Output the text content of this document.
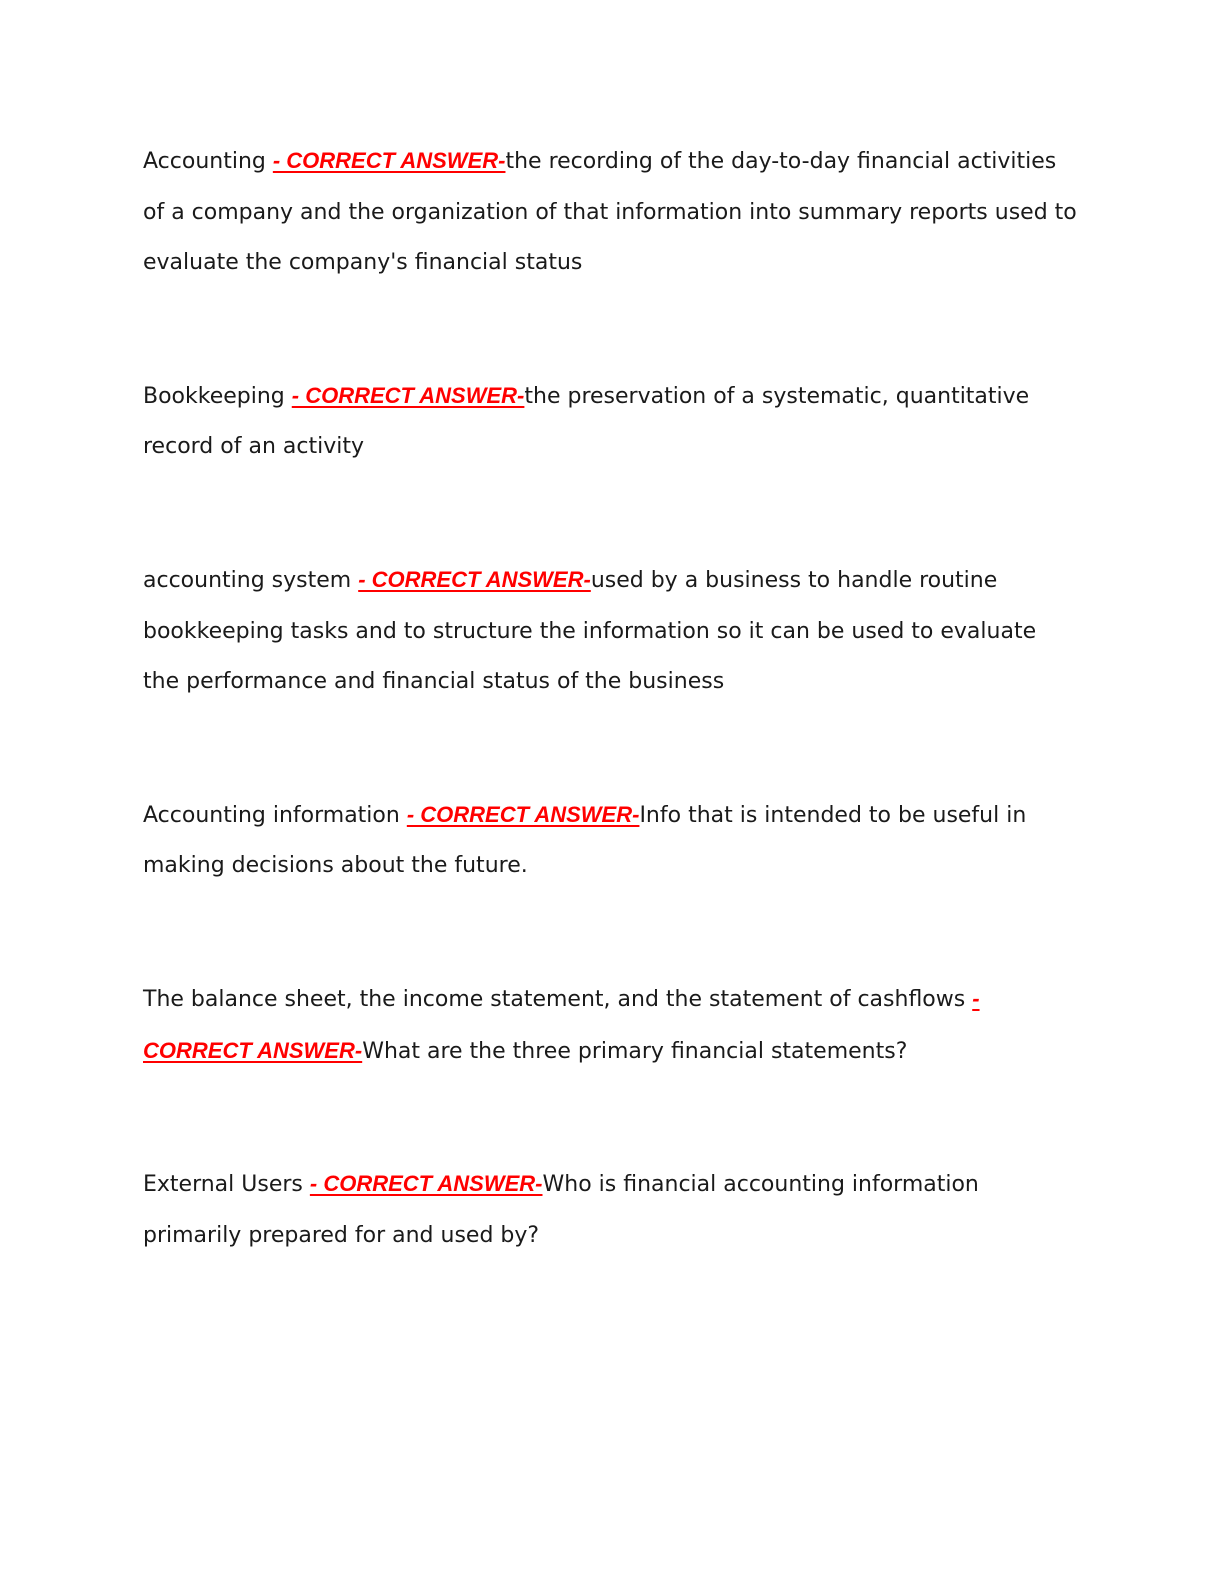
Accounting - CORRECT ANSWER-the recording of the day-to-day financial activities of a company and the organization of that information into summary reports used to evaluate the company's financial status

Bookkeeping - CORRECT ANSWER-the preservation of a systematic, quantitative record of an activity

accounting system - CORRECT ANSWER-used by a business to handle routine bookkeeping tasks and to structure the information so it can be used to evaluate the performance and financial status of the business

Accounting information - CORRECT ANSWER-Info that is intended to be useful in making decisions about the future.

The balance sheet, the income statement, and the statement of cashflows - CORRECT ANSWER-What are the three primary financial statements?

External Users - CORRECT ANSWER-Who is financial accounting information primarily prepared for and used by?
